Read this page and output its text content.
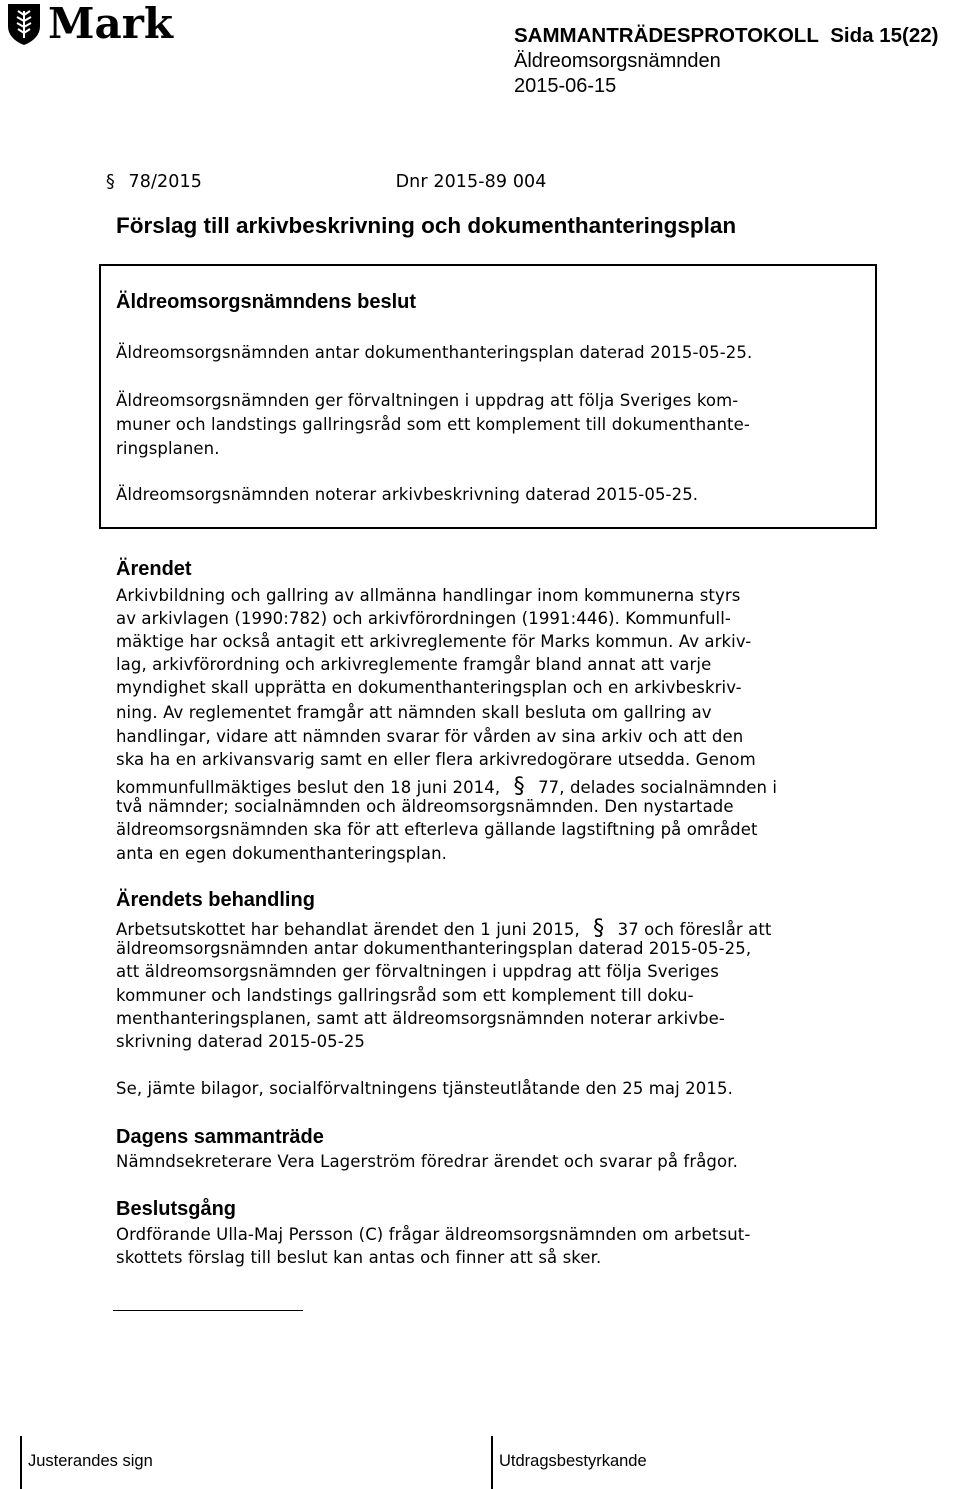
Mark	SAMMANTRÄDESPROTOKOLL Sida 15(22)
Äldreomsorgsnämnden
2015-06-15
§ 78/2015	Dnr 2015-89 004
Förslag till arkivbeskrivning och dokumenthanteringsplan
Äldreomsorgsnämndens beslut
Äldreomsorgsnämnden antar dokumenthanteringsplan daterad 2015-05-25.
Äldreomsorgsnämnden ger förvaltningen i uppdrag att följa Sveriges kom-
muner och landstings gallringsråd som ett komplement till dokumenthante-
ringsplanen.
Äldreomsorgsnämnden noterar arkivbeskrivning daterad 2015-05-25.
Ärendet
Arkivbildning och gallring av allmänna handlingar inom kommunerna styrs
av arkivlagen (1990:782) och arkivförordningen (1991:446). Kommunfull-
mäktige har också antagit ett arkivreglemente för Marks kommun. Av arkiv-
lag, arkivförordning och arkivreglemente framgår bland annat att varje
myndighet skall upprätta en dokumenthanteringsplan och en arkivbeskriv-
ning. Av reglementet framgår att nämnden skall besluta om gallring av
handlingar, vidare att nämnden svarar för vården av sina arkiv och att den
ska ha en arkivansvarig samt en eller flera arkivredogörare utsedda. Genom
kommunfullmäktiges beslut den 18 juni 2014, § 77, delades socialnämnden i
två nämnder; socialnämnden och äldreomsorgsnämnden. Den nystartade
äldreomsorgsnämnden ska för att efterleva gällande lagstiftning på området
anta en egen dokumenthanteringsplan.
Ärendets behandling
Arbetsutskottet har behandlat ärendet den 1 juni 2015, § 37 och föreslår att
äldreomsorgsnämnden antar dokumenthanteringsplan daterad 2015-05-25,
att äldreomsorgsnämnden ger förvaltningen i uppdrag att följa Sveriges
kommuner och landstings gallringsråd som ett komplement till doku-
menthanteringsplanen, samt att äldreomsorgsnämnden noterar arkivbe-
skrivning daterad 2015-05-25
Se, jämte bilagor, socialförvaltningens tjänsteutlåtande den 25 maj 2015.
Dagens sammanträde
Nämndsekreterare Vera Lagerström föredrar ärendet och svarar på frågor.
Beslutsgång
Ordförande Ulla-Maj Persson (C) frågar äldreomsorgsnämnden om arbetsut-
skottets förslag till beslut kan antas och finner att så sker.
Justerandes sign	Utdragsbestyrkande
